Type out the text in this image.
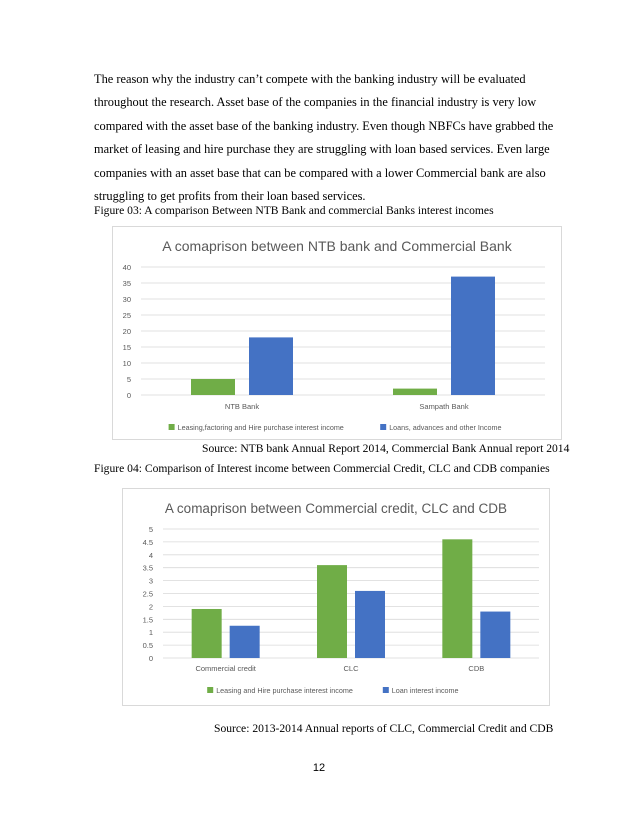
The reason why the industry can’t compete with the banking industry will be evaluated
throughout the research. Asset base of the companies in the financial industry is very low
compared with the asset base of the banking industry. Even though NBFCs have grabbed the
market of leasing and hire purchase they are struggling with loan based services. Even large
companies with an asset base that can be compared with a lower Commercial bank are also
struggling to get profits from their loan based services.
Figure 03: A comparison Between NTB Bank and commercial Banks interest incomes
A comaprison between NTB bank and Commercial Bank
0
5
10
15
20
25
30
35
40
NTB Bank	Sampath Bank
Leasing,factoring and Hire purchase interest income	Loans, advances and other Income
Source: NTB bank Annual Report 2014, Commercial Bank Annual report 2014
Figure 04: Comparison of Interest income between Commercial Credit, CLC and CDB companies
A comaprison between Commercial credit, CLC and CDB
0
0.5
1
1.5
2
2.5
3
3.5
4
4.5
5
Commercial credit	CLC	CDB
Leasing and Hire purchase interest income	Loan interest income
Source: 2013-2014 Annual reports of CLC, Commercial Credit and CDB
12
